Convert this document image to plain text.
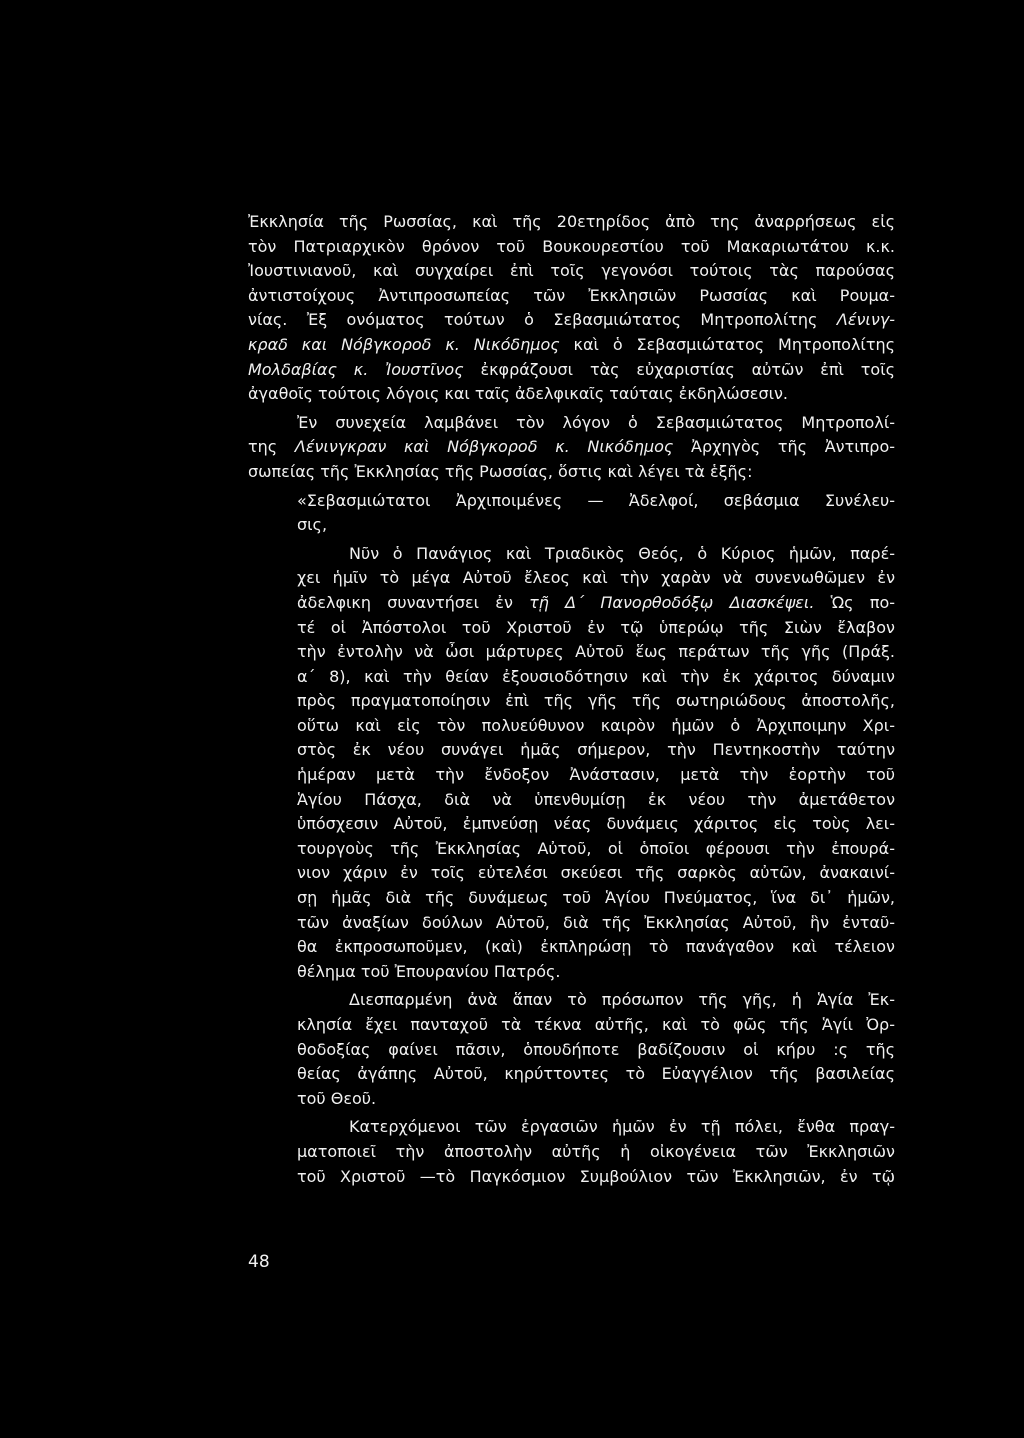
Ἐκκλησία τῆς Ρωσσίας, καὶ τῆς 20ετηρίδος ἀπὸ της ἀναρρήσεως εἰς
τὸν Πατριαρχικὸν θρόνον τοῦ Βουκουρεστίου τοῦ Μακαριωτάτου κ.κ.
Ἰουστινιανοῦ, καὶ συγχαίρει ἐπὶ τοῖς γεγονόσι τούτοις τὰς παρούσας
ἀντιστοίχους Ἀντιπροσωπείας τῶν Ἐκκλησιῶν Ρωσσίας καὶ Ρουμα-
νίας. Ἐξ ονόματος τούτων ὁ Σεβασμιώτατος Μητροπολίτης Λένινγ-
κραδ και Νόβγκοροδ κ. Νικόδημος καὶ ὁ Σεβασμιώτατος Μητροπολίτης
Μολδαβίας κ. Ἰουστῖνος ἐκφράζουσι τὰς εὐχαριστίας αὐτῶν ἐπὶ τοῖς
ἀγαθοῖς τούτοις λόγοις και ταῖς ἀδελφικαῖς ταύταις ἐκδηλώσεσιν.
Ἐν συνεχεία λαμβάνει τὸν λόγον ὁ Σεβασμιώτατος Μητροπολί-
της Λένινγκραν καὶ Νόβγκοροδ κ. Νικόδημος Ἀρχηγὸς τῆς Ἀντιπρο-
σωπείας τῆς Ἐκκλησίας τῆς Ρωσσίας, ὅστις καὶ λέγει τὰ ἑξῆς:
«Σεβασμιώτατοι Ἀρχιποιμένες — Ἀδελφοί, σεβάσμια Συνέλευ-
σις,
Νῦν ὁ Πανάγιος καὶ Τριαδικὸς Θεός, ὁ Κύριος ἡμῶν, παρέ-
χει ἡμῖν τὸ μέγα Αὐτοῦ ἔλεος καὶ τὴν χαρὰν νὰ συνενωθῶμεν ἐν
ἀδελφικη συναντήσει ἐν τῇ Δ΄ Πανορθοδόξῳ Διασκέψει. Ὡς πο-
τέ οἱ Ἀπόστολοι τοῦ Χριστοῦ ἐν τῷ ὑπερώῳ τῆς Σιὼν ἔλαβον
τὴν ἐντολὴν νὰ ὦσι μάρτυρες Αὐτοῦ ἕως περάτων τῆς γῆς (Πράξ.
α΄ 8), καὶ τὴν θείαν ἐξουσιοδότησιν καὶ τὴν ἐκ χάριτος δύναμιν
πρὸς πραγματοποίησιν ἐπὶ τῆς γῆς τῆς σωτηριώδους ἀποστολῆς,
οὕτω καὶ εἰς τὸν πολυεύθυνον καιρὸν ἡμῶν ὁ Ἀρχιποιμην Χρι-
στὸς ἐκ νέου συνάγει ἡμᾶς σήμερον, τὴν Πεντηκοστὴν ταύτην
ἡμέραν μετὰ τὴν ἔνδοξον Ἀνάστασιν, μετὰ τὴν ἑορτὴν τοῦ
Ἁγίου Πάσχα, διὰ νὰ ὑπενθυμίσῃ ἐκ νέου τὴν ἀμετάθετον
ὑπόσχεσιν Αὐτοῦ, ἐμπνεύσῃ νέας δυνάμεις χάριτος εἰς τοὺς λει-
τουργοὺς τῆς Ἐκκλησίας Αὐτοῦ, οἱ ὁποῖοι φέρουσι τὴν ἐπουρά-
νιον χάριν ἐν τοῖς εὐτελέσι σκεύεσι τῆς σαρκὸς αὐτῶν, ἀνακαινί-
σῃ ἡμᾶς διὰ τῆς δυνάμεως τοῦ Ἁγίου Πνεύματος, ἵνα δι᾿ ἡμῶν,
τῶν ἀναξίων δούλων Αὐτοῦ, διὰ τῆς Ἐκκλησίας Αὐτοῦ, ἣν ἐνταῦ-
θα ἐκπροσωποῦμεν, (καὶ) ἐκπληρώσῃ τὸ πανάγαθον καὶ τέλειον
θέλημα τοῦ Ἐπουρανίου Πατρός.
Διεσπαρμένη ἀνὰ ἅπαν τὸ πρόσωπον τῆς γῆς, ἡ Ἁγία Ἐκ-
κλησία ἔχει πανταχοῦ τὰ τέκνα αὐτῆς, καὶ τὸ φῶς τῆς Ἁγίι Ὀρ-
θοδοξίας φαίνει πᾶσιν, ὁπουδήποτε βαδίζουσιν οἱ κήρυ :ς τῆς
θείας ἀγάπης Αὐτοῦ, κηρύττοντες τὸ Εὐαγγέλιον τῆς βασιλείας
τοῦ Θεοῦ.
Κατερχόμενοι τῶν ἐργασιῶν ἡμῶν ἐν τῇ πόλει, ἔνθα πραγ-
ματοποιεῖ τὴν ἀποστολὴν αὐτῆς ἡ οἰκογένεια τῶν Ἐκκλησιῶν
τοῦ Χριστοῦ —τὸ Παγκόσμιον Συμβούλιον τῶν Ἐκκλησιῶν, ἐν τῷ
48
